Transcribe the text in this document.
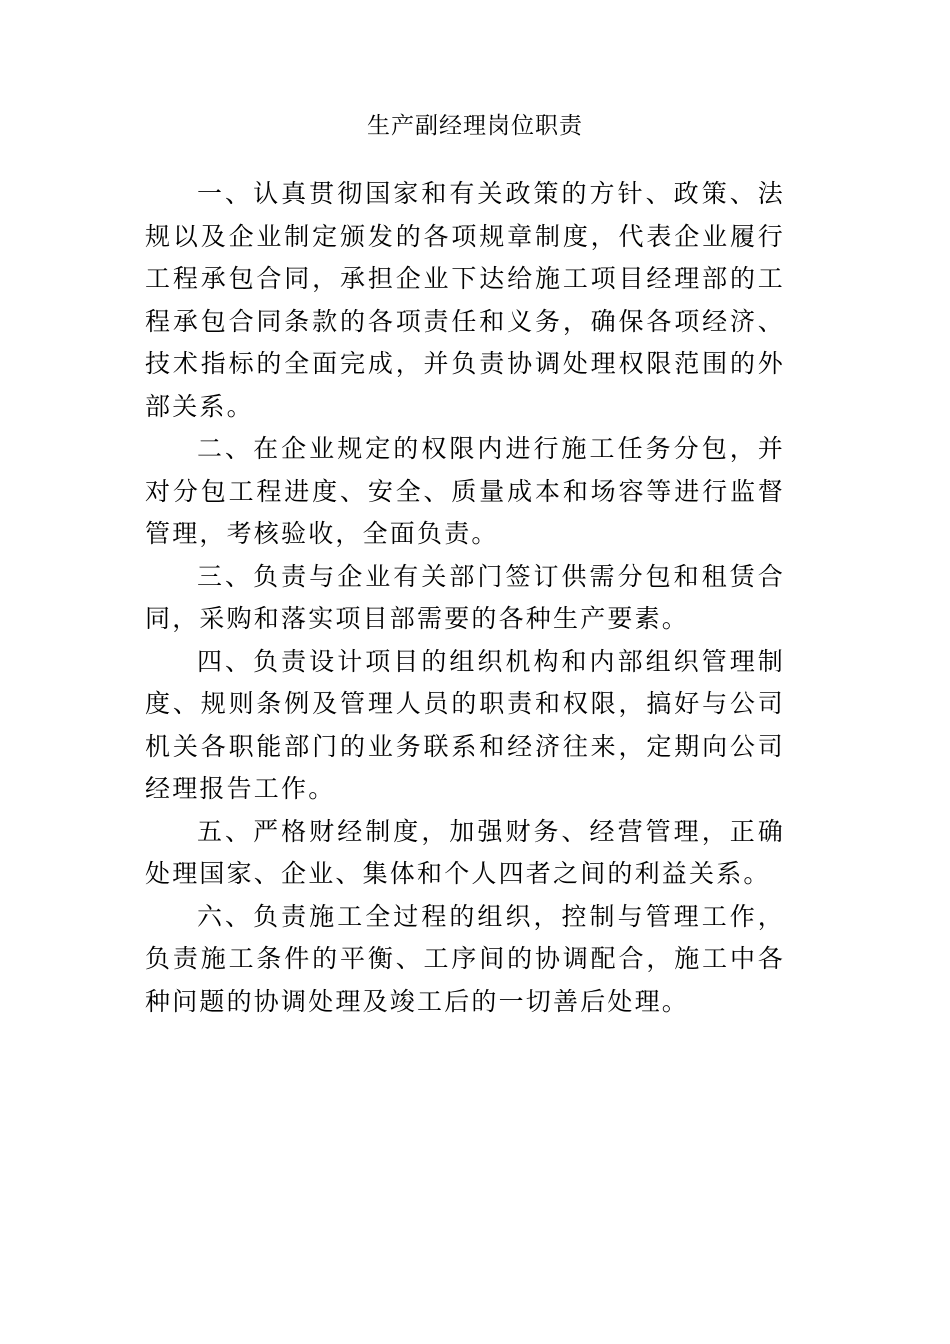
生产副经理岗位职责

一、认真贯彻国家和有关政策的方针、政策、法规以及企业制定颁发的各项规章制度，代表企业履行工程承包合同，承担企业下达给施工项目经理部的工程承包合同条款的各项责任和义务，确保各项经济、技术指标的全面完成，并负责协调处理权限范围的外部关系。

二、在企业规定的权限内进行施工任务分包，并对分包工程进度、安全、质量成本和场容等进行监督管理，考核验收，全面负责。

三、负责与企业有关部门签订供需分包和租赁合同，采购和落实项目部需要的各种生产要素。

四、负责设计项目的组织机构和内部组织管理制度、规则条例及管理人员的职责和权限，搞好与公司机关各职能部门的业务联系和经济往来，定期向公司经理报告工作。

五、严格财经制度，加强财务、经营管理，正确处理国家、企业、集体和个人四者之间的利益关系。

六、负责施工全过程的组织，控制与管理工作，负责施工条件的平衡、工序间的协调配合，施工中各种问题的协调处理及竣工后的一切善后处理。
